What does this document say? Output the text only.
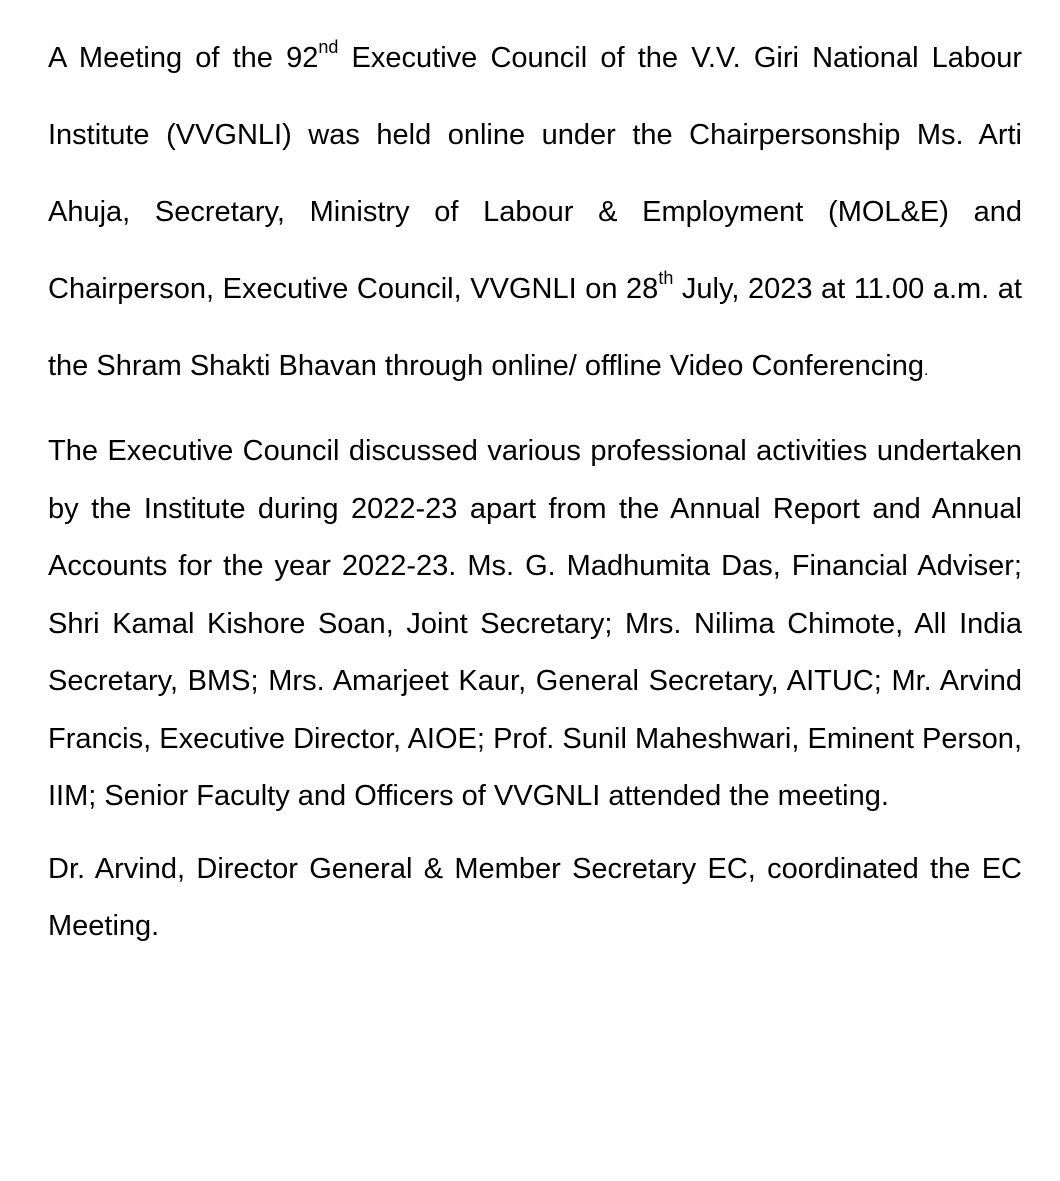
A Meeting of the 92nd Executive Council of the V.V. Giri National Labour Institute (VVGNLI) was held online under the Chairpersonship Ms. Arti Ahuja, Secretary, Ministry of Labour & Employment (MOL&E) and Chairperson, Executive Council, VVGNLI on 28th July, 2023 at 11.00 a.m. at the Shram Shakti Bhavan through online/ offline Video Conferencing.

The Executive Council discussed various professional activities undertaken by the Institute during 2022-23 apart from the Annual Report and Annual Accounts for the year 2022-23. Ms. G. Madhumita Das, Financial Adviser; Shri Kamal Kishore Soan, Joint Secretary; Mrs. Nilima Chimote, All India Secretary, BMS; Mrs. Amarjeet Kaur, General Secretary, AITUC; Mr. Arvind Francis, Executive Director, AIOE; Prof. Sunil Maheshwari, Eminent Person, IIM; Senior Faculty and Officers of VVGNLI attended the meeting.

Dr. Arvind, Director General & Member Secretary EC, coordinated the EC Meeting.
